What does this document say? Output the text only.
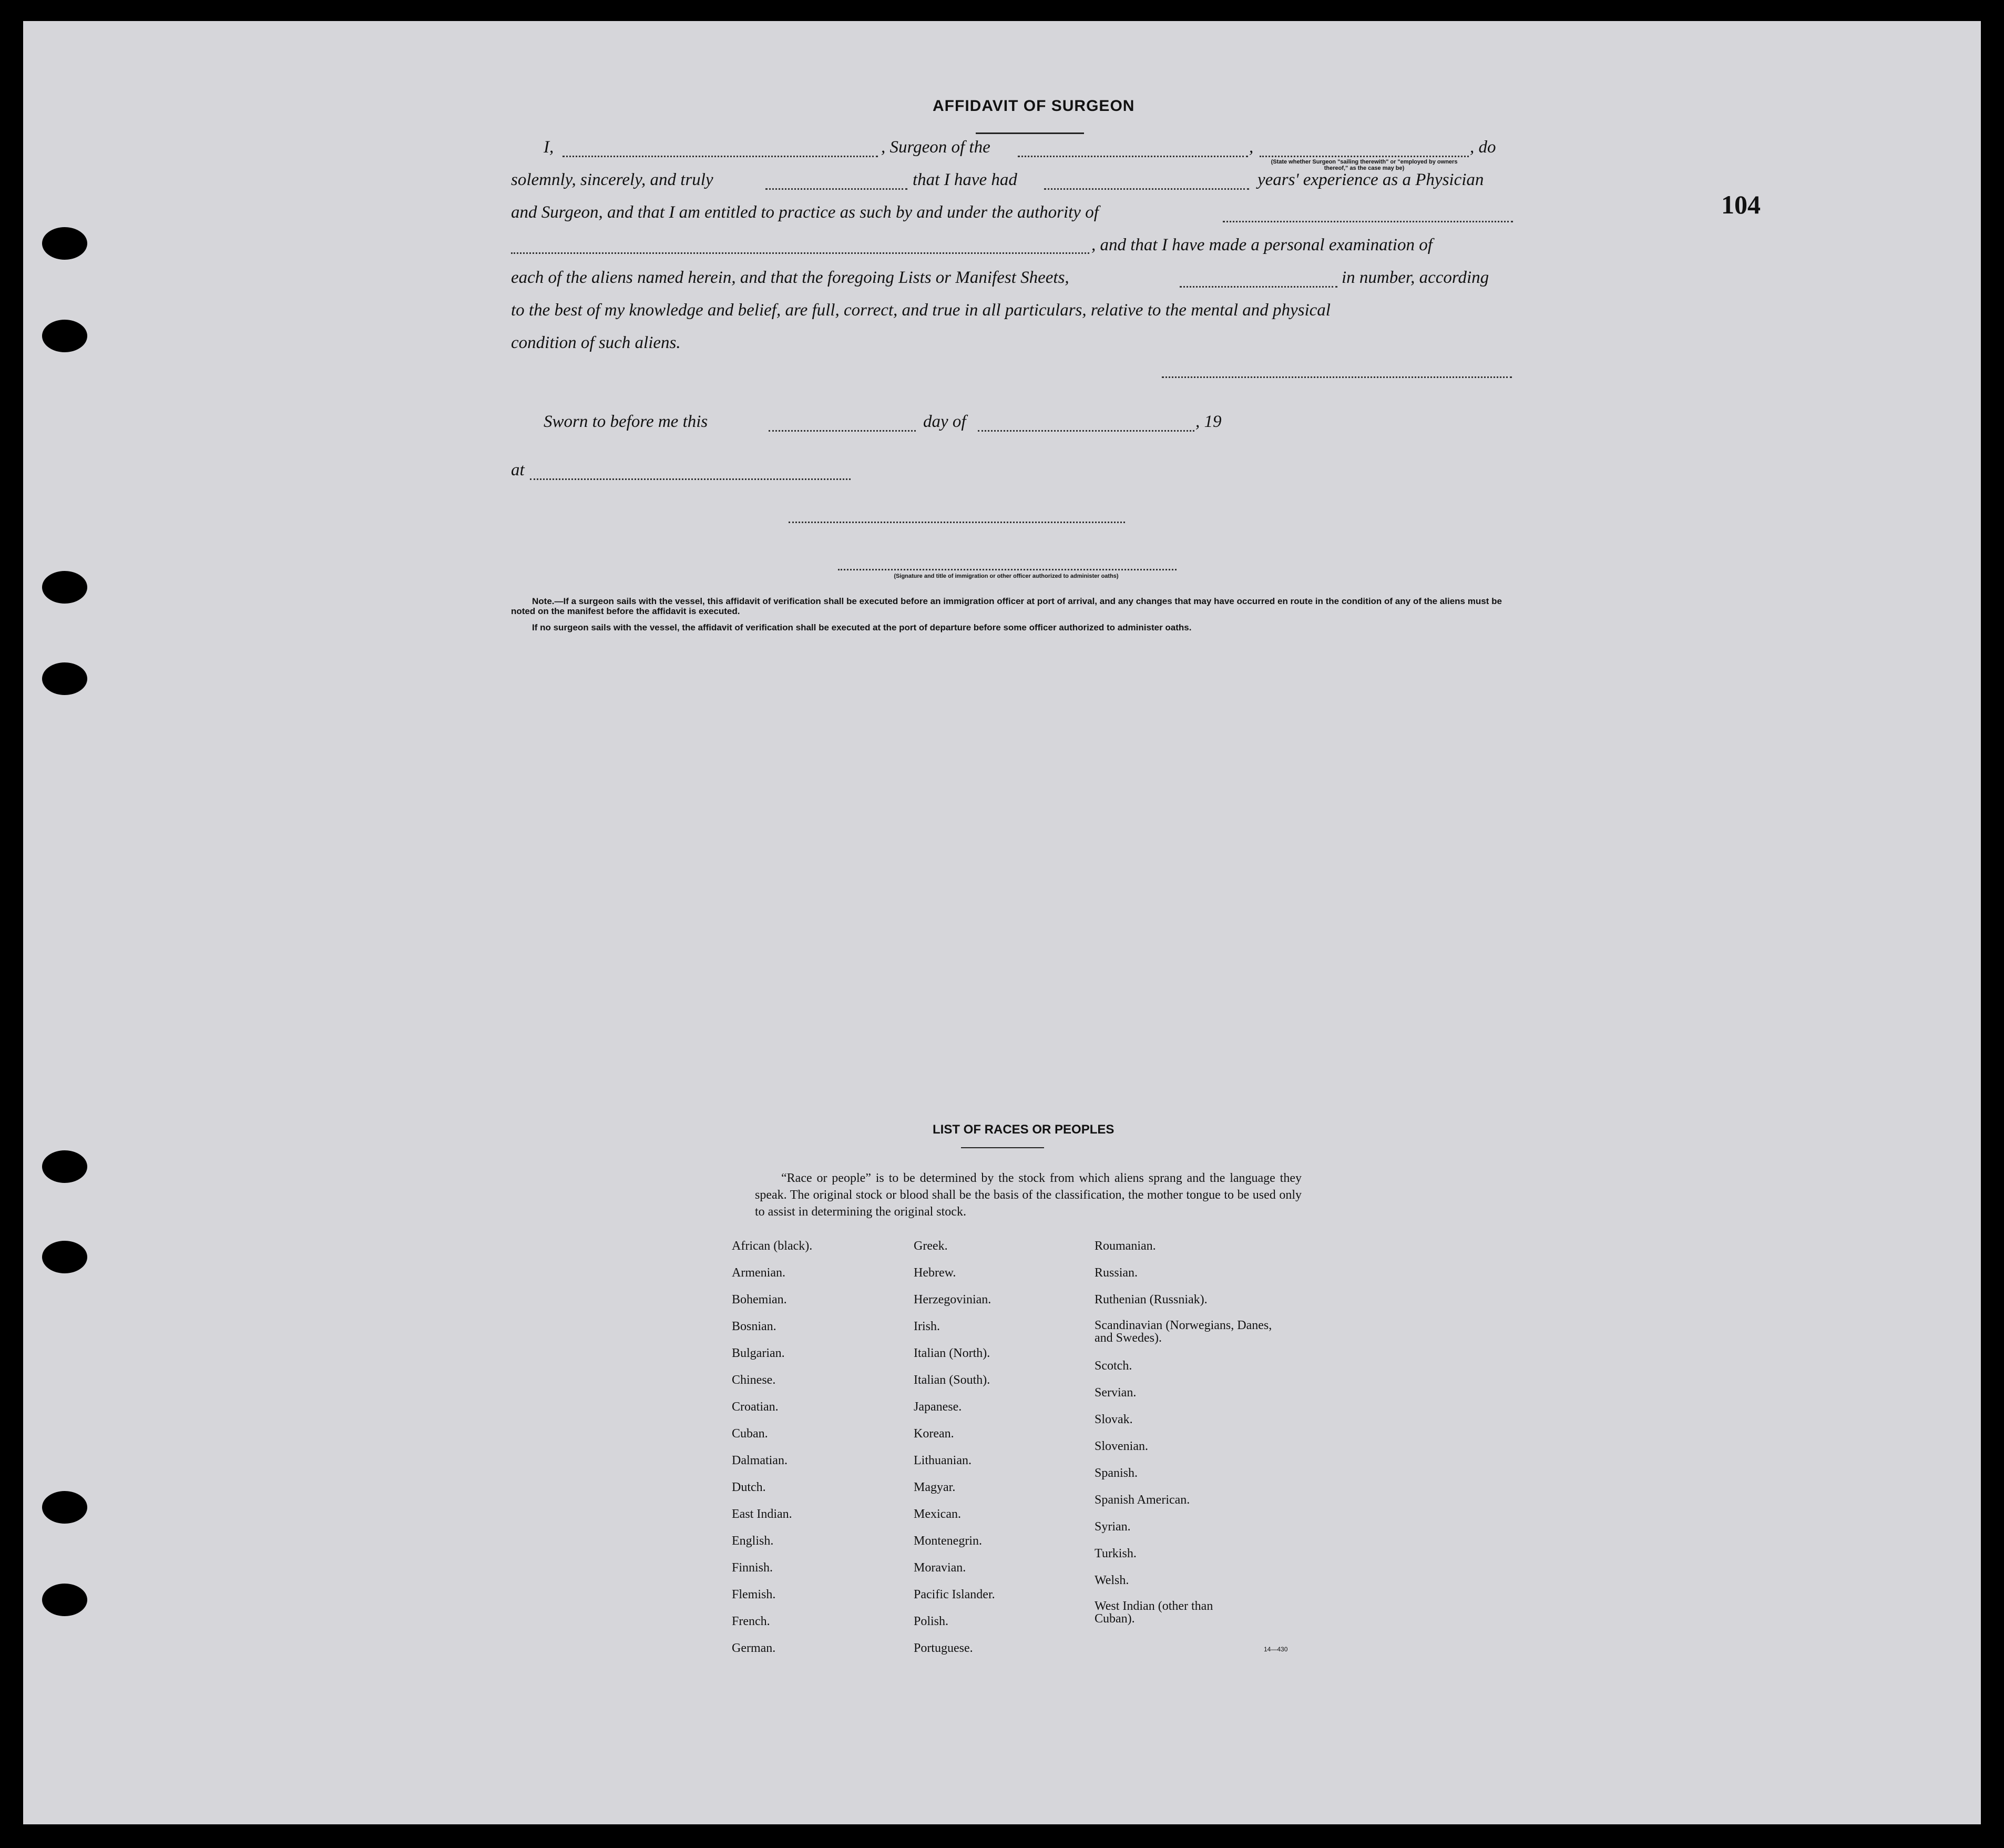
104
AFFIDAVIT OF SURGEON
I,	, Surgeon of the	,	, do
(State whether Surgeon "sailing therewith" or "employed by owners thereof," as the case may be)
solemnly, sincerely, and truly	that I have had	years' experience as a Physician
and Surgeon, and that I am entitled to practice as such by and under the authority of
, and that I have made a personal examination of
each of the aliens named herein, and that the foregoing Lists or Manifest Sheets,	in number, according
to the best of my knowledge and belief, are full, correct, and true in all particulars, relative to the mental and physical
condition of such aliens.
Sworn to before me this	day of	, 19
at
(Signature and title of immigration or other officer authorized to administer oaths)
Note.—If a surgeon sails with the vessel, this affidavit of verification shall be executed before an immigration officer at port of arrival, and any changes that may have occurred en route in the condition of any of the aliens must be noted on the manifest before the affidavit is executed.
If no surgeon sails with the vessel, the affidavit of verification shall be executed at the port of departure before some officer authorized to administer oaths.
LIST OF RACES OR PEOPLES
“Race or people” is to be determined by the stock from which aliens sprang and the language they speak. The original stock or blood shall be the basis of the classification, the mother tongue to be used only to assist in determining the original stock.
African (black).
Armenian.
Bohemian.
Bosnian.
Bulgarian.
Chinese.
Croatian.
Cuban.
Dalmatian.
Dutch.
East Indian.
English.
Finnish.
Flemish.
French.
German.
Greek.
Hebrew.
Herzegovinian.
Irish.
Italian (North).
Italian (South).
Japanese.
Korean.
Lithuanian.
Magyar.
Mexican.
Montenegrin.
Moravian.
Pacific Islander.
Polish.
Portuguese.
Roumanian.
Russian.
Ruthenian (Russniak).
Scandinavian (Norwegians, Danes, and Swedes).
Scotch.
Servian.
Slovak.
Slovenian.
Spanish.
Spanish American.
Syrian.
Turkish.
Welsh.
West Indian (other than Cuban).
14—430
